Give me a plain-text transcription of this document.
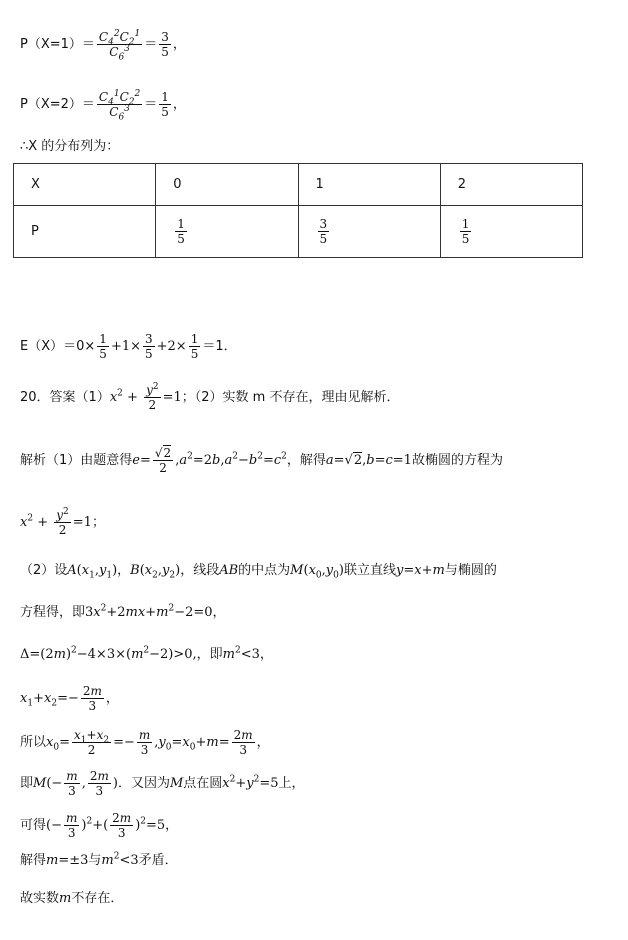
$P(X=1)= \frac{C_4^2C_2^1}{C_6^3} = \frac{3}{5}$ ，
$P(X=2)= \frac{C_4^1C_2^2}{C_6^3} = \frac{1}{5}$ ，
∴X 的分布列为：
X	0	1	2
P	$\frac{1}{5}$	$\frac{3}{5}$	$\frac{1}{5}$
$E(X)=0\times \frac{1}{5} +1\times \frac{3}{5} +2\times \frac{1}{5} =1$．
20．答案$(1)x^2 + \frac{y^2}{2} =1$；（2）实数 m 不存在，理由见解析．
解析（1）由题意得$e= \frac{√2}{2} ,a^2=2b,a^2-b^2=c^2$，解得a=√2,b=c=1故椭圆的方程为
$x^2 + \frac{y^2}{2} =1$；
（2）设$A(x_1,y_1)$，$B(x_2,y_2)$，线段AB的中点为$M(x_0,y_0)$联立直线y=x+m与椭圆的
方程得，即$3x^2+2mx+m^2-2=0$，
$\Delta=(2m)^2-4\times 3\times(m^2-2)>0$,，即$m^2<3$，
$x_1+x_2=- \frac{2m}{3}$ ，
所以$x_0= \frac{x_1+x_2}{2} =- \frac{m}{3} ,y_0=x_0+m= \frac{2m}{3}$ ，
即$M(- \frac{m}{3}$ , $\frac{2m}{3}$ )．又因为M点在圆$x^2+y^2=5$上，
可得(− $\frac{m}{3} )^2+( \frac{2m}{3} )^2=5$，
解得m=±3与$m^2<3$矛盾．
故实数m不存在．
